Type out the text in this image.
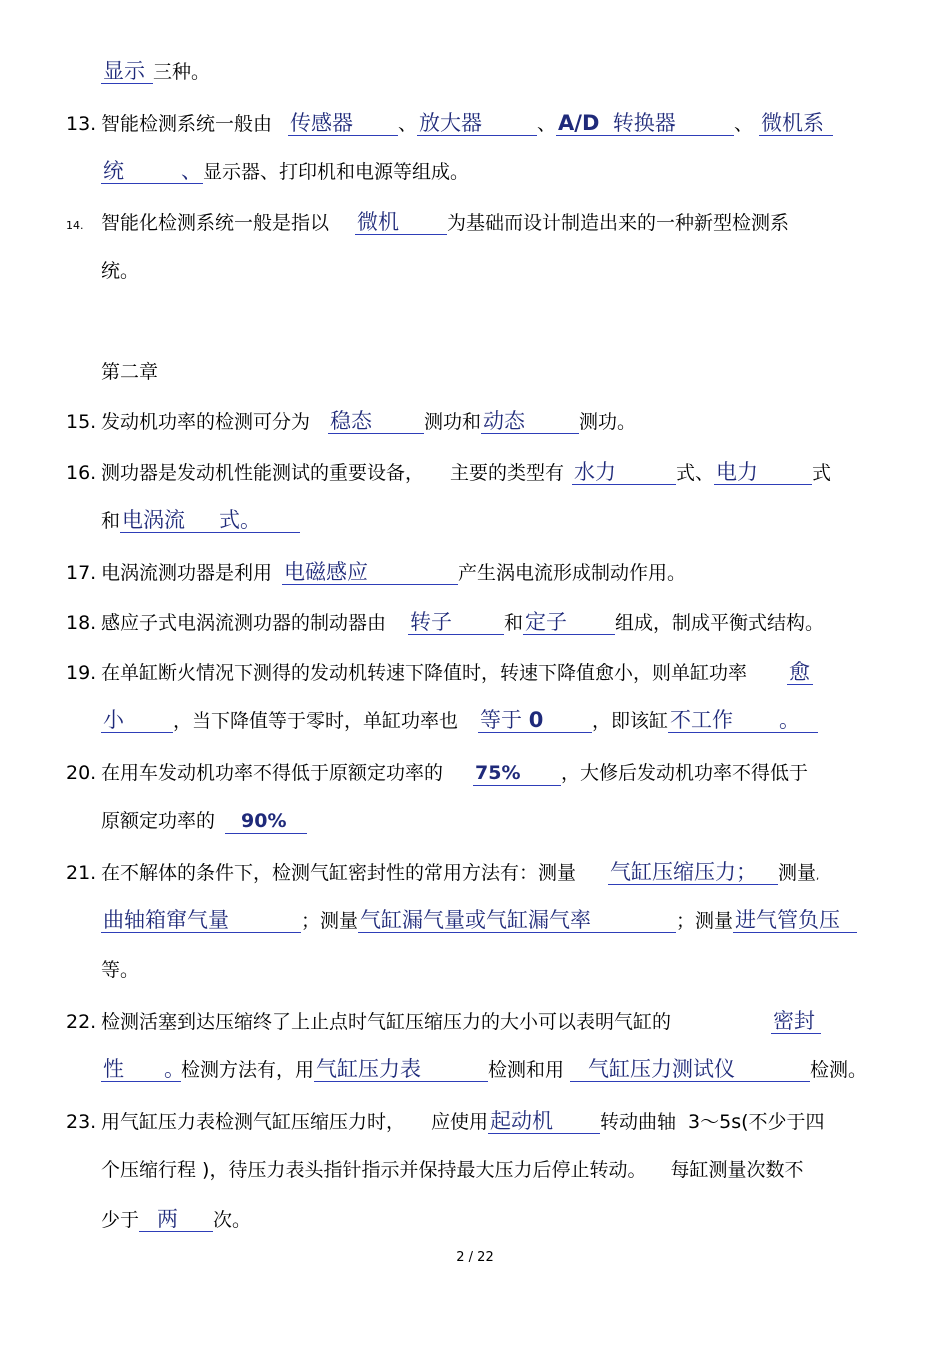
显示 三种。
13. 智能检测系统一般由 传感器 、放大器	、A/D 转换器	、 微机系
统	、显示器、打印机和电源等组成。
14. 智能化检测系统一般是指以 微机	为基础而设计制造出来的一种新型检测系
统。
第二章
15. 发动机功率的检测可分为 稳态	测功和动态	测功。
16. 测功器是发动机性能测试的重要设备， 主要的类型有 水力	式、电力	式
和电涡流 式。
17. 电涡流测功器是利用 电磁感应	产生涡电流形成制动作用。
18. 感应子式电涡流测功器的制动器由 转子	和定子	组成，制成平衡式结构。
19. 在单缸断火情况下测得的发动机转速下降值时，转速下降值愈小，则单缸功率 愈
小	，当下降值等于零时，单缸功率也 等于 0	，即该缸不工作 。
20. 在用车发动机功率不得低于原额定功率的 75% ，大修后发动机功率不得低于
原额定功率的 90%
21. 在不解体的条件下，检测气缸密封性的常用方法有：测量 气缸压缩压力； 测量,
曲轴箱窜气量	；测量气缸漏气量或气缸漏气率	；测量进气管负压
等。
22. 检测活塞到达压缩终了上止点时气缸压缩压力的大小可以表明气缸的	密封
性 。检测方法有，用气缸压力表	检测和用 气缸压力测试仪	检测。
23. 用气缸压力表检测气缸压缩压力时， 应使用起动机 转动曲轴 3～5s(不少于四
个压缩行程 )，待压力表头指针指示并保持最大压力后停止转动。 每缸测量次数不
少于 两 次。
2 / 22
